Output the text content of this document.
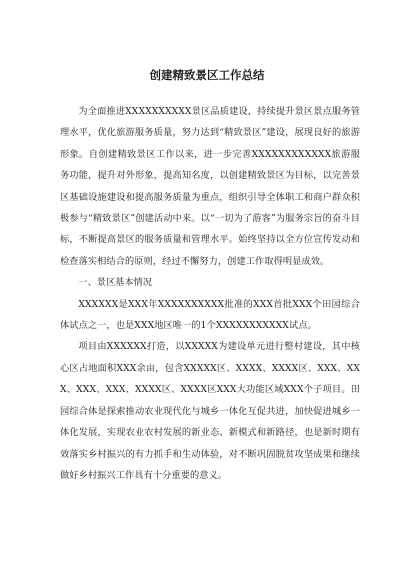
创建精致景区工作总结

为全面推进XXXXXXXXXX景区品质建设，持续提升景区景点服务管理水平，优化旅游服务质量，努力达到“精致景区”建设，展现良好的旅游形象。自创建精致景区工作以来，进一步完善XXXXXXXXXXXX旅游服务功能，提升对外形象，提高知名度，以创建精致景区为目标，以完善景区基础设施建设和提高服务质量为重点，组织引导全体职工和商户群众积极参与“精致景区”创建活动中来。以“一切为了游客”为服务宗旨的奋斗目标，不断提高景区的服务质量和管理水平。始终坚持以全方位宣传发动和检查落实相结合的原则，经过不懈努力，创建工作取得明显成效。

一、景区基本情况

XXXXXX是XXX年XXXXXXXXXX批准的XXX首批XXX个田园综合体试点之一，也是XXX地区唯一的1个XXXXXXXXXXX试点。

项目由XXXXXX打造，以XXXXX为建设单元进行整村建设，其中核心区占地面积XXX余亩，包含XXXXX区、XXXX、XXXX区、XXX、XXX、XXX、XXX、XXXX区、XXXX区XXX大功能区域XXX个子项目。田园综合体是探索推动农业现代化与城乡一体化互促共进，加快促进城乡一体化发展，实现农业农村发展的新业态、新模式和新路径，也是新时期有效落实乡村振兴的有力抓手和生动体验，对不断巩固脱贫攻坚成果和继续做好乡村振兴工作具有十分重要的意义。
